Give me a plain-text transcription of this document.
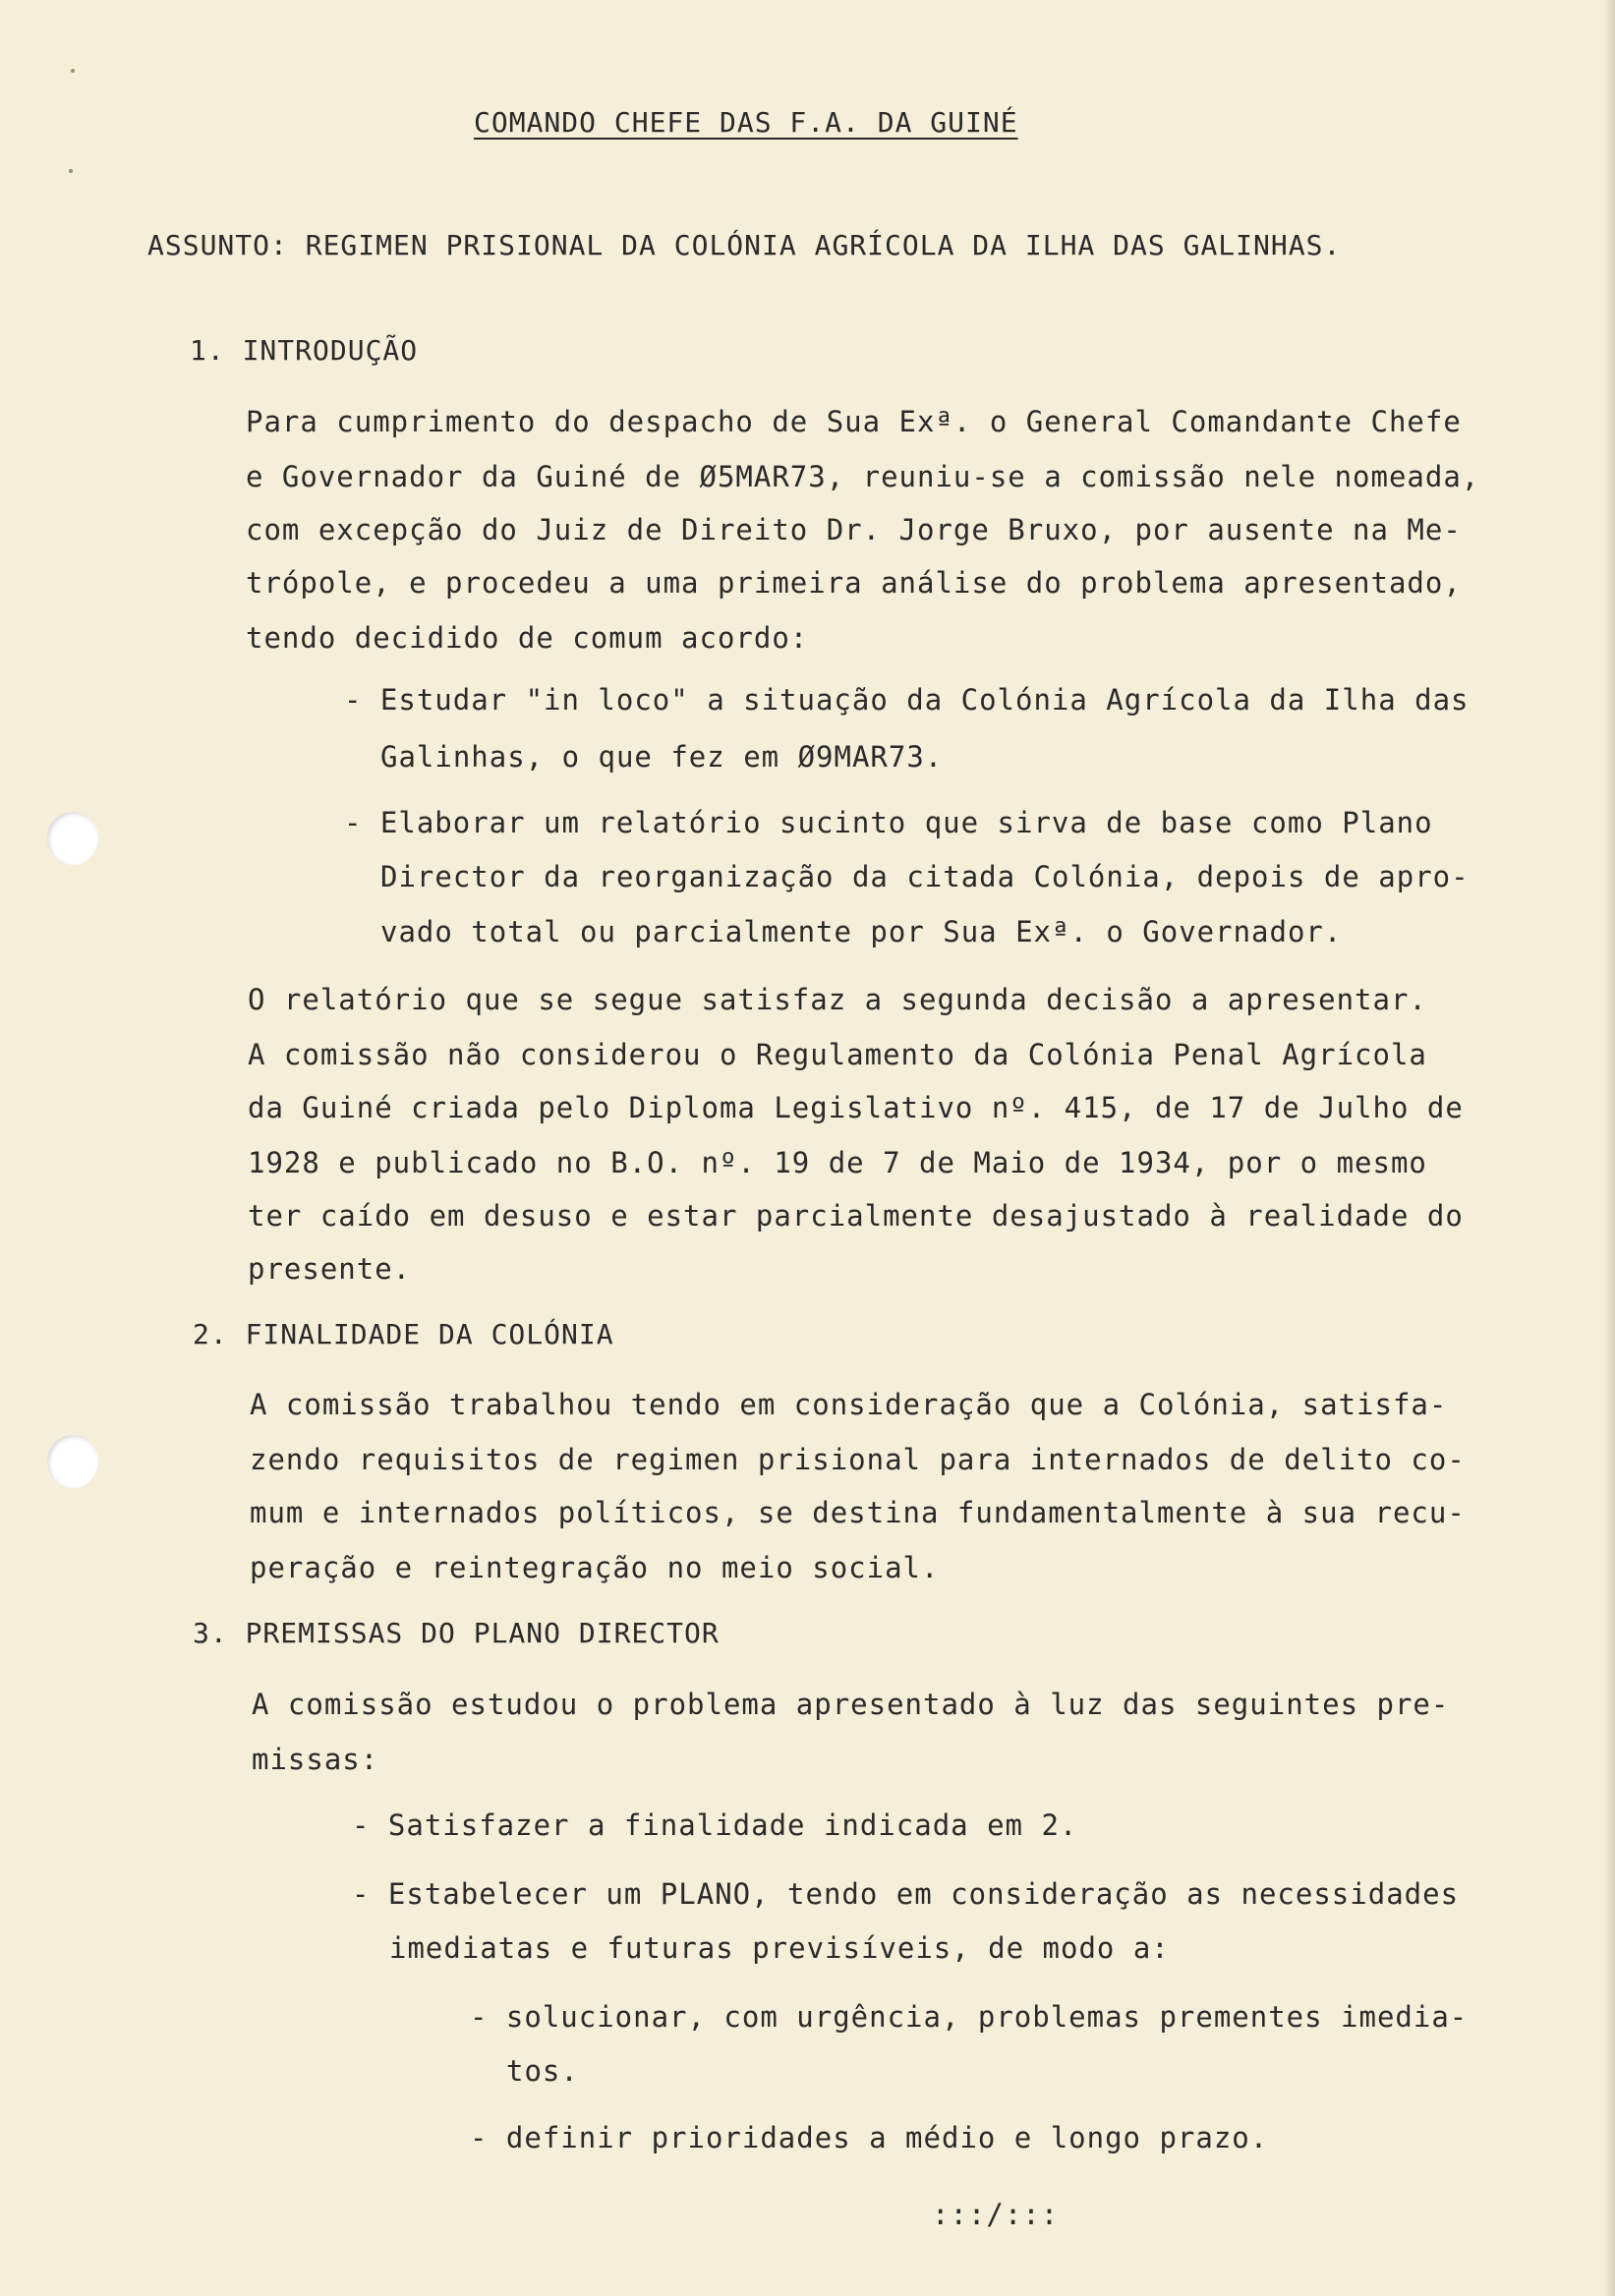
COMANDO CHEFE DAS F.A. DA GUINÉ
ASSUNTO: REGIMEN PRISIONAL DA COLÓNIA AGRÍCOLA DA ILHA DAS GALINHAS.
1. INTRODUÇÃO
Para cumprimento do despacho de Sua Exª. o General Comandante Chefe
e Governador da Guiné de Ø5MAR73, reuniu-se a comissão nele nomeada,
com excepção do Juiz de Direito Dr. Jorge Bruxo, por ausente na Me-
trópole, e procedeu a uma primeira análise do problema apresentado,
tendo decidido de comum acordo:
- Estudar "in loco" a situação da Colónia Agrícola da Ilha das
Galinhas, o que fez em Ø9MAR73.
- Elaborar um relatório sucinto que sirva de base como Plano
Director da reorganização da citada Colónia, depois de apro-
vado total ou parcialmente por Sua Exª. o Governador.
O relatório que se segue satisfaz a segunda decisão a apresentar.
A comissão não considerou o Regulamento da Colónia Penal Agrícola
da Guiné criada pelo Diploma Legislativo nº. 415, de 17 de Julho de
1928 e publicado no B.O. nº. 19 de 7 de Maio de 1934, por o mesmo
ter caído em desuso e estar parcialmente desajustado à realidade do
presente.
2. FINALIDADE DA COLÓNIA
A comissão trabalhou tendo em consideração que a Colónia, satisfa-
zendo requisitos de regimen prisional para internados de delito co-
mum e internados políticos, se destina fundamentalmente à sua recu-
peração e reintegração no meio social.
3. PREMISSAS DO PLANO DIRECTOR
A comissão estudou o problema apresentado à luz das seguintes pre-
missas:
- Satisfazer a finalidade indicada em 2.
- Estabelecer um PLANO, tendo em consideração as necessidades
imediatas e futuras previsíveis, de modo a:
- solucionar, com urgência, problemas prementes imedia-
tos.
- definir prioridades a médio e longo prazo.
:::/:::
